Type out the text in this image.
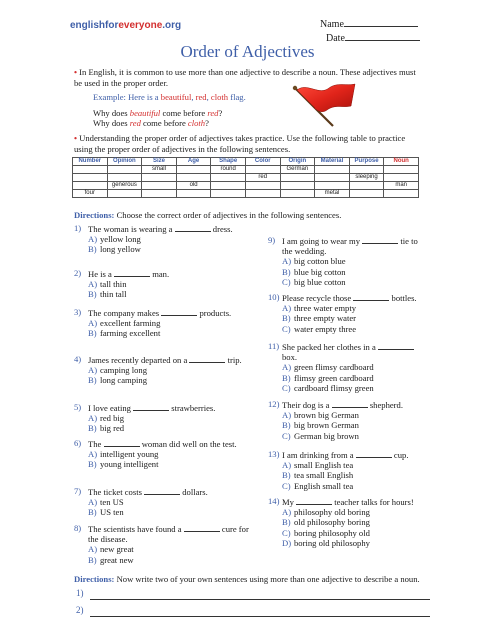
englishforeveryone.org	Name
Date
Order of Adjectives
• In English, it is common to use more than one adjective to describe a noun. These adjectives must be used in the proper order.
Example: Here is a beautiful, red, cloth flag.
Why does beautiful come before red?
Why does red come before cloth?
• Understanding the proper order of adjectives takes practice. Use the following table to practice using the proper order of adjectives in the following sentences.
Number	Opinion	Size	Age	Shape	Color	Origin	Material	Purpose	Noun
		small		round		German			
					red			sleeping	
	generous		old						man
four							metal		
Directions: Choose the correct order of adjectives in the following sentences.
1) The woman is wearing a	dress.
A) yellow long
B) long yellow
2) He is a	man.
A) tall thin
B) thin tall
3) The company makes	products.
A) excellent farming
B) farming excellent
4) James recently departed on a	trip.
A) camping long
B) long camping
5) I love eating	strawberries.
A) red big
B) big red
6) The	woman did well on the test.
A) intelligent young
B) young intelligent
7) The ticket costs	dollars.
A) ten US
B) US ten
8) The scientists have found a	cure for the disease.
A) new great
B) great new
9) I am going to wear my	tie to the wedding.
A) big cotton blue
B) blue big cotton
C) big blue cotton
10) Please recycle those	bottles.
A) three water empty
B) three empty water
C) water empty three
11) She packed her clothes in a  box.
A) green flimsy cardboard
B) flimsy green cardboard
C) cardboard flimsy green
12) Their dog is a	shepherd.
A) brown big German
B) big brown German
C) German big brown
13) I am drinking from a	cup.
A) small English tea
B) tea small English
C) English small tea
14) My	teacher talks for hours!
A) philosophy old boring
B) old philosophy boring
C) boring philosophy old
D) boring old philosophy
Directions: Now write two of your own sentences using more than one adjective to describe a noun.
1)
2)
